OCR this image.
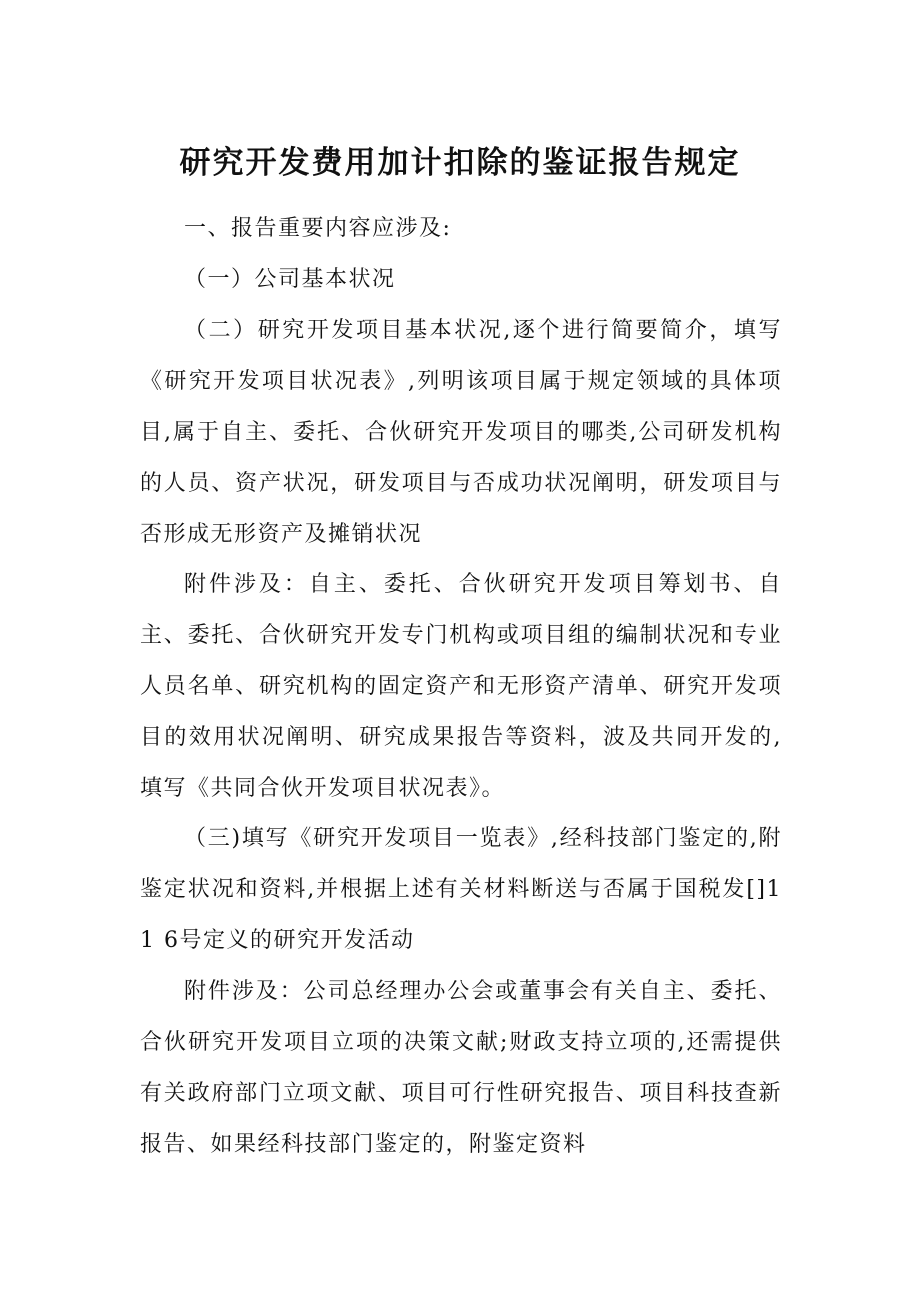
研究开发费用加计扣除的鉴证报告规定

一、报告重要内容应涉及:

（一）公司基本状况

（二）研究开发项目基本状况,逐个进行简要简介，填写《研究开发项目状况表》,列明该项目属于规定领域的具体项目,属于自主、委托、合伙研究开发项目的哪类,公司研发机构的人员、资产状况，研发项目与否成功状况阐明，研发项目与否形成无形资产及摊销状况

附件涉及：自主、委托、合伙研究开发项目筹划书、自主、委托、合伙研究开发专门机构或项目组的编制状况和专业人员名单、研究机构的固定资产和无形资产清单、研究开发项目的效用状况阐明、研究成果报告等资料，波及共同开发的,填写《共同合伙开发项目状况表》。

（三)填写《研究开发项目一览表》,经科技部门鉴定的,附鉴定状况和资料,并根据上述有关材料断送与否属于国税发[]11 6号定义的研究开发活动

附件涉及：公司总经理办公会或董事会有关自主、委托、合伙研究开发项目立项的决策文献;财政支持立项的,还需提供有关政府部门立项文献、项目可行性研究报告、项目科技查新报告、如果经科技部门鉴定的，附鉴定资料
